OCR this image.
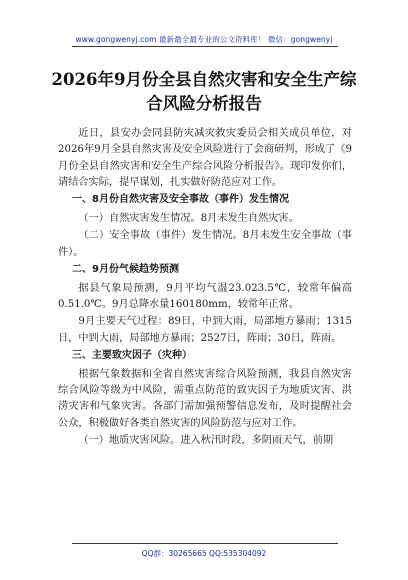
www.gongwenyj.com 最新最全最专业的公文资料库！ 微信：gongwenyj
2026年9月份全县自然灾害和安全生产综
合风险分析报告

近日，县安办会同县防灾减灾救灾委员会相关成员单位，对2026年9月全县自然灾害及安全风险进行了会商研判，形成了《9月份全县自然灾害和安全生产综合风险分析报告》。现印发你们，请结合实际，提早谋划，扎实做好防范应对工作。

一、8月份自然灾害及安全事故（事件）发生情况

（一）自然灾害发生情况。8月未发生自然灾害。

（二）安全事故（事件）发生情况。8月未发生安全事故（事件）。

二、9月份气候趋势预测

据县气象局预测，9月平均气温23.023.5℃，较常年偏高0.51.0℃。9月总降水量160180mm，较常年正常。

9月主要天气过程：89日，中到大雨，局部地方暴雨；1315日，中到大雨，局部地方暴雨；2527日，阵雨；30日，阵雨。

三、主要致灾因子（灾种）

根据气象数据和全省自然灾害综合风险预测，我县自然灾害综合风险等级为中风险，需重点防范的致灾因子为地质灾害、洪涝灾害和气象灾害。各部门需加强预警信息发布，及时提醒社会公众，积极做好各类自然灾害的风险防范与应对工作。

（一）地质灾害风险。进入秋汛时段，多阴雨天气，前期

QQ群：30265665 QQ:535304092
